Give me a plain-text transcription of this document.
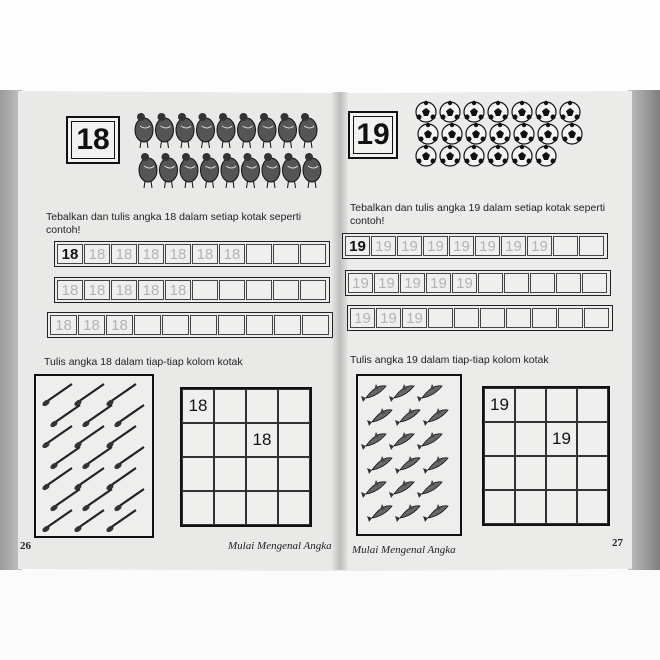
18
Tebalkan dan tulis angka 18 dalam setiap kotak seperti contoh!
18 18 18 18 18 18 18
18 18 18 18 18
18 18 18
Tulis angka 18 dalam tiap-tiap kolom kotak
18
18
26	Mulai Mengenal Angka
19
Tebalkan dan tulis angka 19 dalam setiap kotak seperti contoh!
19 19 19 19 19 19 19 19
19 19 19 19 19
19 19 19
Tulis angka 19 dalam tiap-tiap kolom kotak
19
19
Mulai Mengenal Angka
27
